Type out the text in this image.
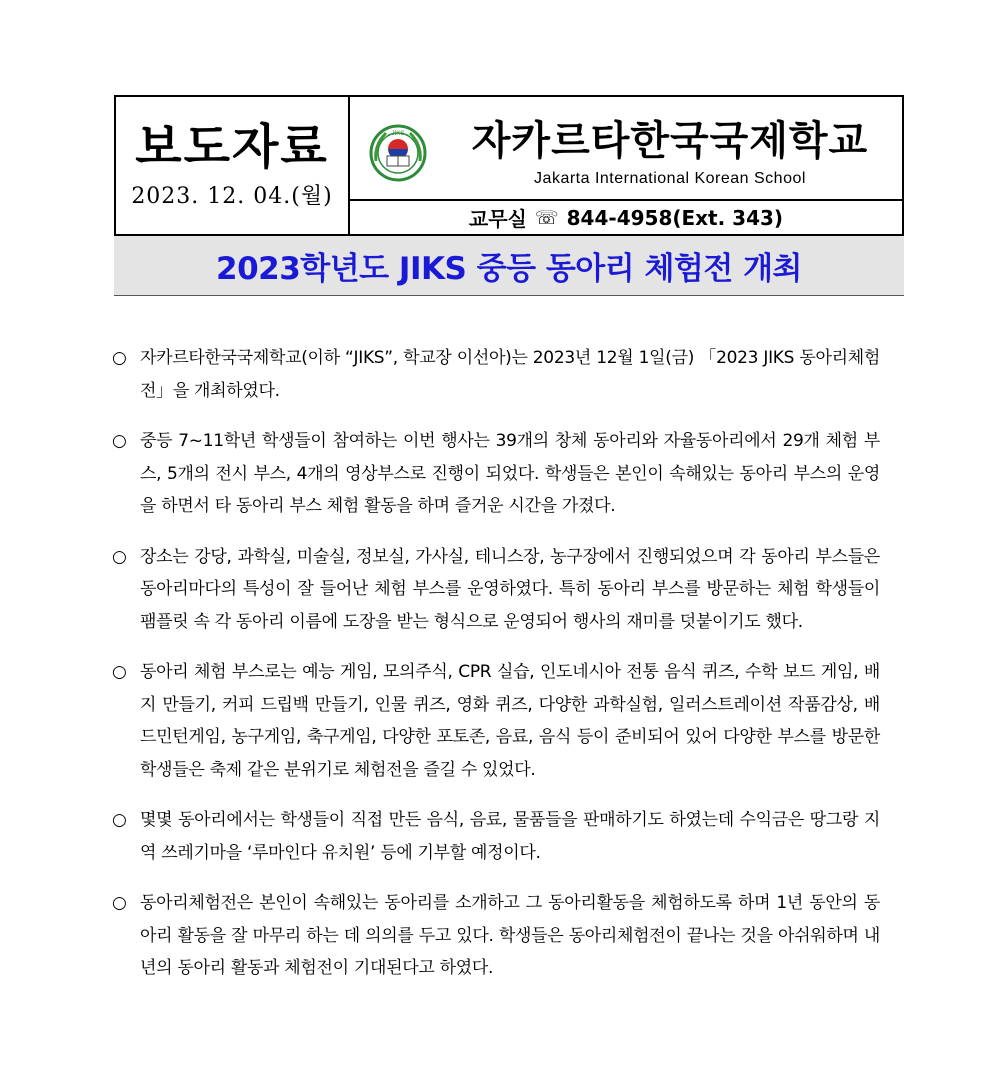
보도자료
2023. 12. 04.(월)
JIKS	자카르타한국국제학교
Jakarta International Korean School
교무실 ☏ 844-4958(Ext. 343)
2023학년도 JIKS 중등 동아리 체험전 개최
○ 자카르타한국국제학교(이하 “JIKS”, 학교장 이선아)는 2023년 12월 1일(금) 「2023 JIKS 동아리체험전」을 개최하였다.
○ 중등 7~11학년 학생들이 참여하는 이번 행사는 39개의 창체 동아리와 자율동아리에서 29개 체험 부스, 5개의 전시 부스, 4개의 영상부스로 진행이 되었다. 학생들은 본인이 속해있는 동아리 부스의 운영을 하면서 타 동아리 부스 체험 활동을 하며 즐거운 시간을 가졌다.
○ 장소는 강당, 과학실, 미술실, 정보실, 가사실, 테니스장, 농구장에서 진행되었으며 각 동아리 부스들은 동아리마다의 특성이 잘 들어난 체험 부스를 운영하였다. 특히 동아리 부스를 방문하는 체험 학생들이 팸플릿 속 각 동아리 이름에 도장을 받는 형식으로 운영되어 행사의 재미를 덧붙이기도 했다.
○ 동아리 체험 부스로는 예능 게임, 모의주식, CPR 실습, 인도네시아 전통 음식 퀴즈, 수학 보드 게임, 배지 만들기, 커피 드립백 만들기, 인물 퀴즈, 영화 퀴즈, 다양한 과학실험, 일러스트레이션 작품감상, 배드민턴게임, 농구게임, 축구게임, 다양한 포토존, 음료, 음식 등이 준비되어 있어 다양한 부스를 방문한 학생들은 축제 같은 분위기로 체험전을 즐길 수 있었다.
○ 몇몇 동아리에서는 학생들이 직접 만든 음식, 음료, 물품들을 판매하기도 하였는데 수익금은 땅그랑 지역 쓰레기마을 ‘루마인다 유치원’ 등에 기부할 예정이다.
○ 동아리체험전은 본인이 속해있는 동아리를 소개하고 그 동아리활동을 체험하도록 하며 1년 동안의 동아리 활동을 잘 마무리 하는 데 의의를 두고 있다. 학생들은 동아리체험전이 끝나는 것을 아쉬워하며 내년의 동아리 활동과 체험전이 기대된다고 하였다.
